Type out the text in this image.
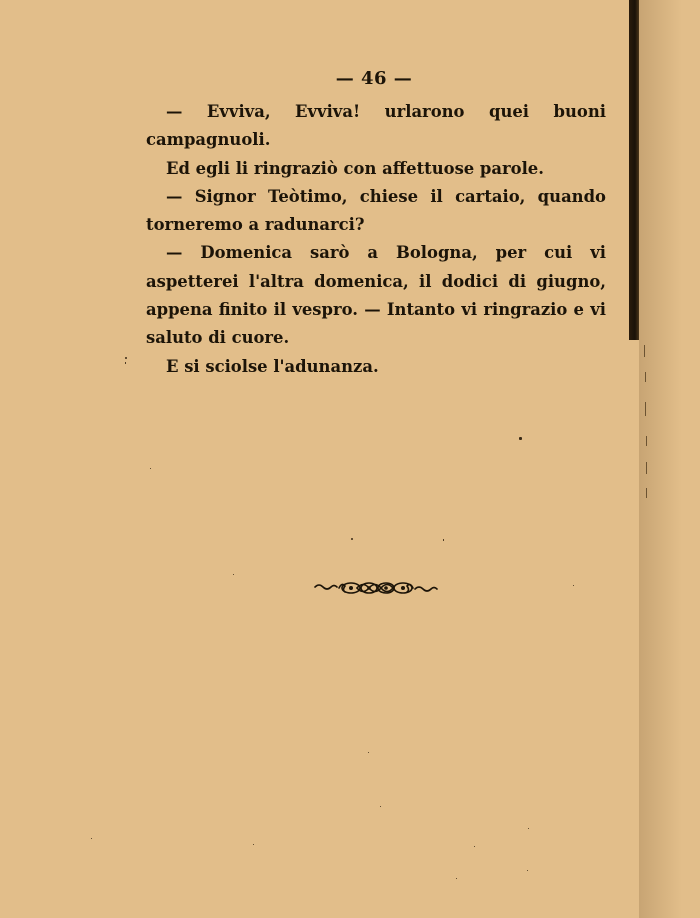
— 46 —

— Evviva, Evviva! urlarono quei buoni campagnuoli.

Ed egli li ringraziò con affettuose parole.

— Signor Teòtimo, chiese il cartaio, quando torneremo a radunarci?

— Domenica sarò a Bologna, per cui vi aspetterei l'altra domenica, il dodici di giugno, appena finito il vespro. — Intanto vi ringrazio e vi saluto di cuore.

E si sciolse l'adunanza.
